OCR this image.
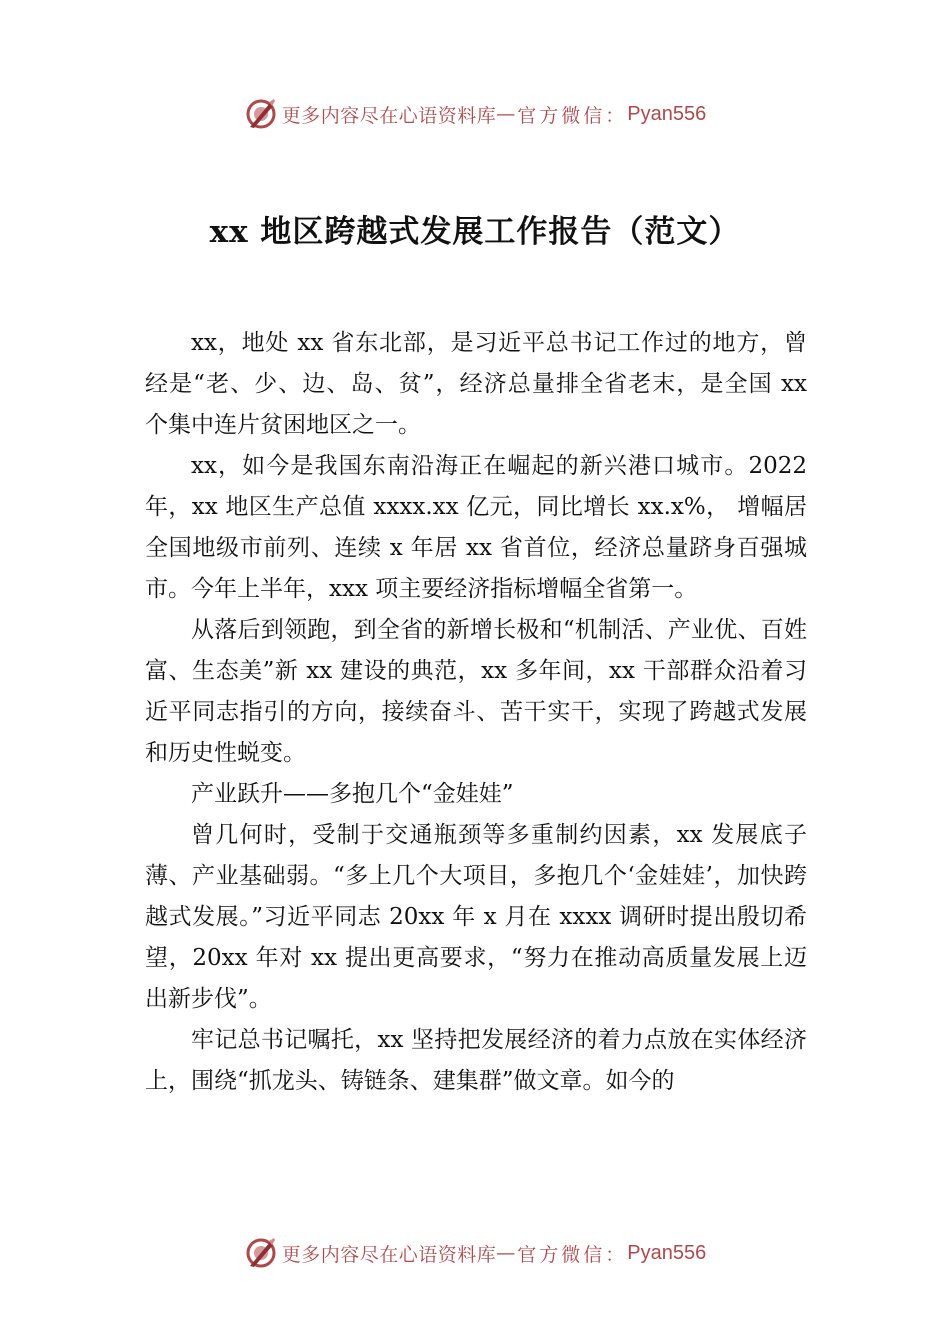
更多内容尽在心语资料库 — 官方微信： Pyan556
xx 地区跨越式发展工作报告（范文）

xx，地处 xx 省东北部，是习近平总书记工作过的地方，曾经是“老、少、边、岛、贫”，经济总量排全省老末，是全国 xx 个集中连片贫困地区之一。

xx，如今是我国东南沿海正在崛起的新兴港口城市。2022 年，xx 地区生产总值 xxxx.xx 亿元，同比增长 xx.x%， 增幅居全国地级市前列、连续 x 年居 xx 省首位，经济总量跻身百强城市。今年上半年，xxx 项主要经济指标增幅全省第一。

从落后到领跑，到全省的新增长极和“机制活、产业优、百姓富、生态美”新 xx 建设的典范，xx 多年间，xx 干部群众沿着习近平同志指引的方向，接续奋斗、苦干实干，实现了跨越式发展和历史性蜕变。

产业跃升——多抱几个“金娃娃”

曾几何时，受制于交通瓶颈等多重制约因素，xx 发展底子薄、产业基础弱。“多上几个大项目，多抱几个‘金娃娃’，加快跨越式发展。”习近平同志 20xx 年 x 月在 xxxx 调研时提出殷切希望，20xx 年对 xx 提出更高要求，“努力在推动高质量发展上迈出新步伐”。

牢记总书记嘱托，xx 坚持把发展经济的着力点放在实体经济上，围绕“抓龙头、铸链条、建集群”做文章。如今的

更多内容尽在心语资料库 — 官方微信： Pyan556
